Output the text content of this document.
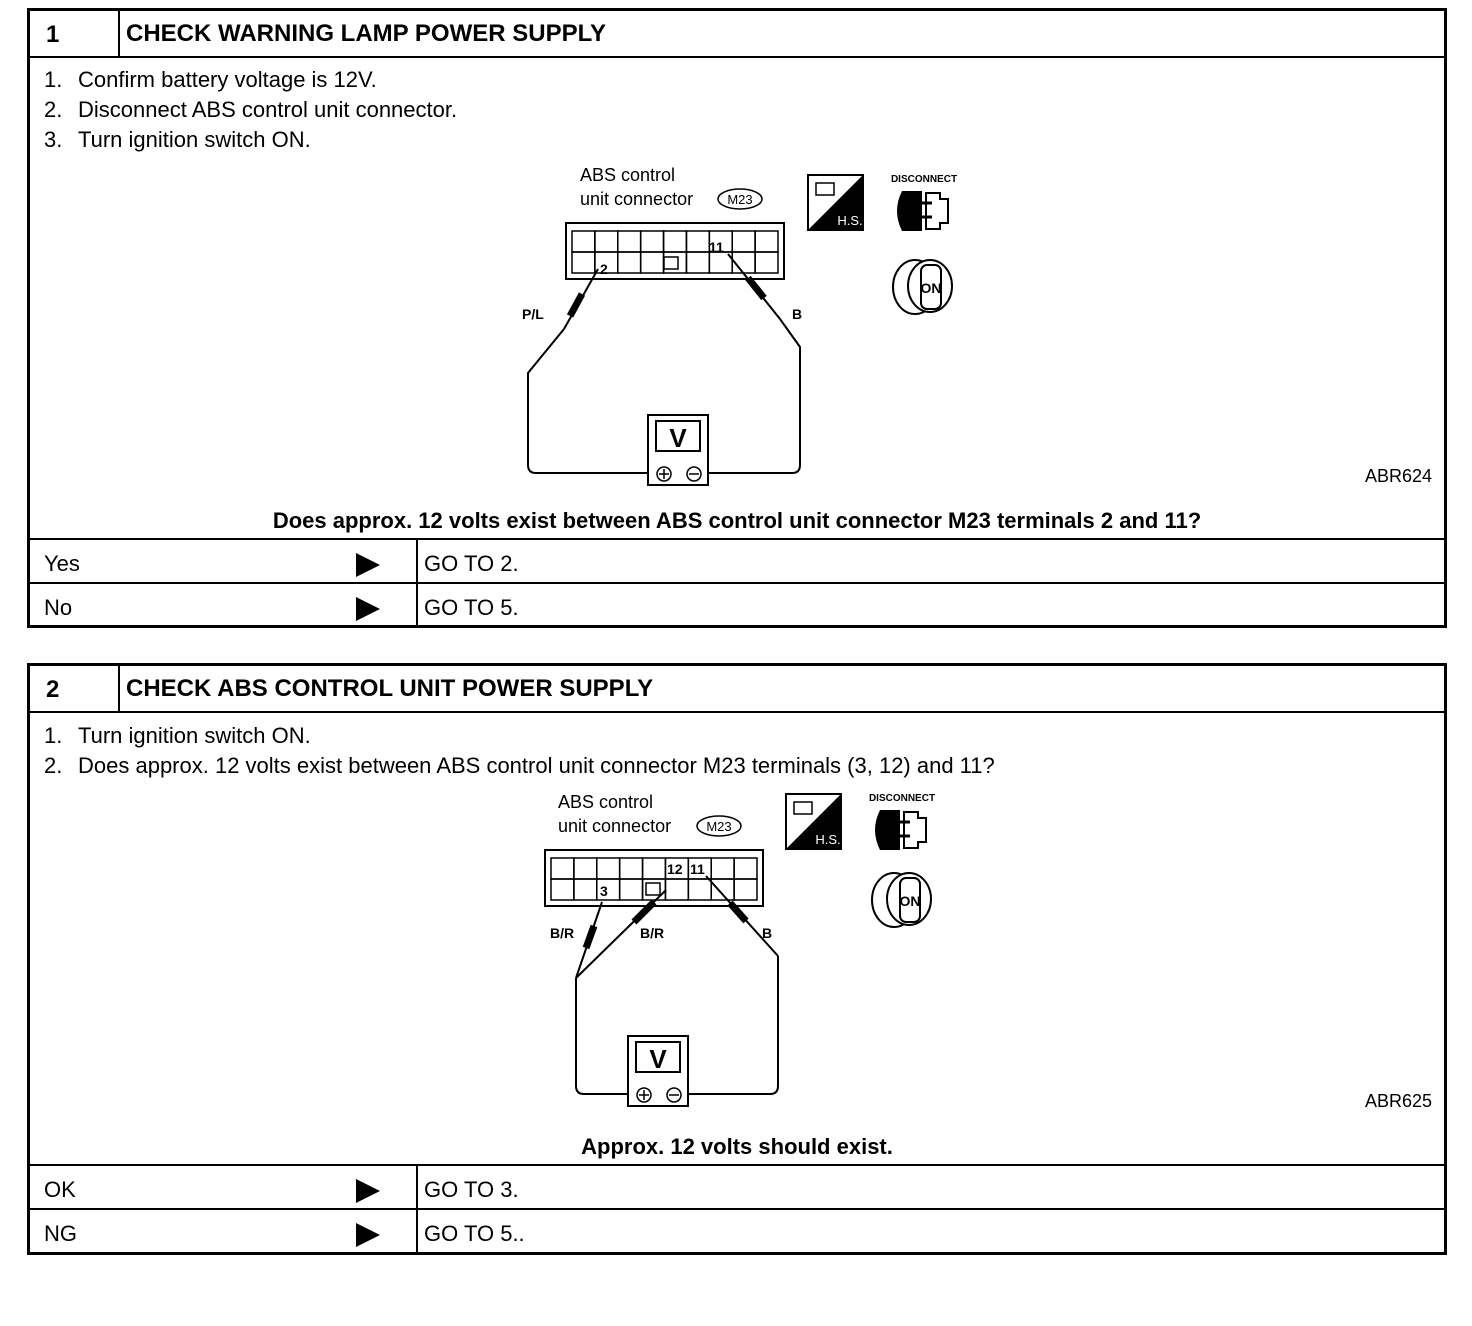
1	CHECK WARNING LAMP POWER SUPPLY
1. Confirm battery voltage is 12V.
2. Disconnect ABS control unit connector.
3. Turn ignition switch ON.
ABS control
unit connector	M23
2
11
P/L	B
V
H.S.
DISCONNECT
ON
ABR624
Does approx. 12 volts exist between ABS control unit connector M23 terminals 2 and 11?
Yes	GO TO 2.
No	GO TO 5.
2	CHECK ABS CONTROL UNIT POWER SUPPLY
1. Turn ignition switch ON.
2. Does approx. 12 volts exist between ABS control unit connector M23 terminals (3, 12) and 11?
ABS control
unit connector	M23
3
12 11
B/R	B/R	B
V
H.S.
DISCONNECT
ON
ABR625
Approx. 12 volts should exist.
OK	GO TO 3.
NG	GO TO 5..
